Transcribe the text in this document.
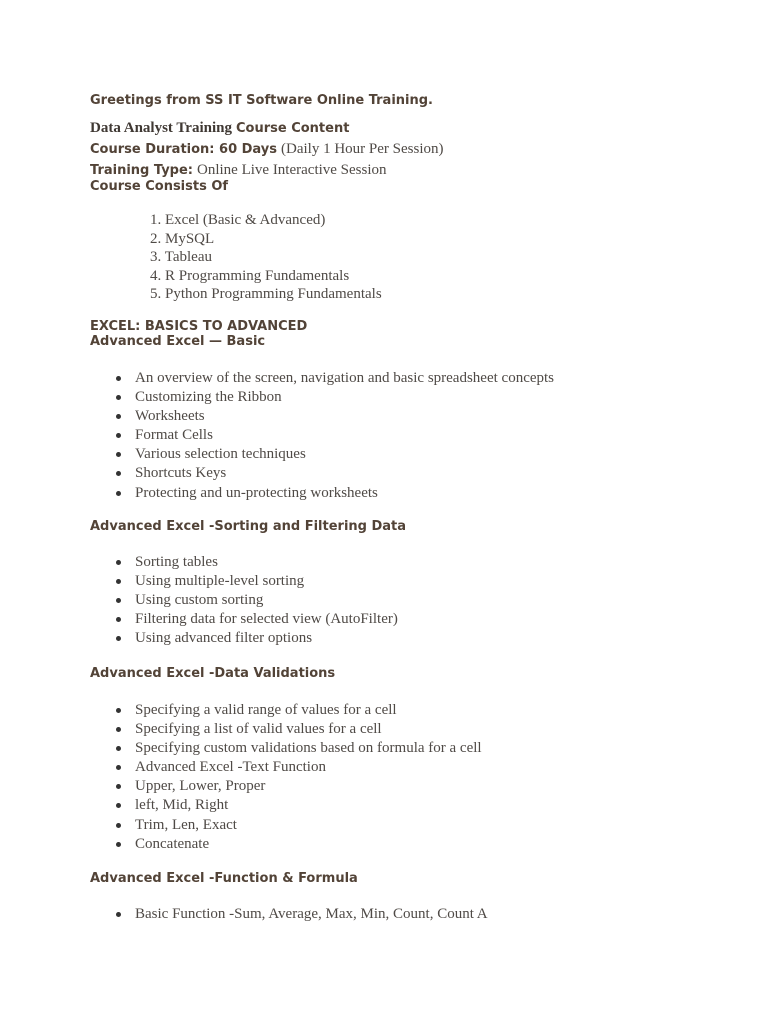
Greetings from SS IT Software Online Training.

Data Analyst Training Course Content

Course Duration: 60 Days (Daily 1 Hour Per Session)

Training Type: Online Live Interactive Session

Course Consists Of

1. Excel (Basic & Advanced)
2. MySQL
3. Tableau
4. R Programming Fundamentals
5. Python Programming Fundamentals

EXCEL: BASICS TO ADVANCED

Advanced Excel — Basic

An overview of the screen, navigation and basic spreadsheet concepts
Customizing the Ribbon
Worksheets
Format Cells
Various selection techniques
Shortcuts Keys
Protecting and un-protecting worksheets

Advanced Excel -Sorting and Filtering Data

Sorting tables
Using multiple-level sorting
Using custom sorting
Filtering data for selected view (AutoFilter)
Using advanced filter options

Advanced Excel -Data Validations

Specifying a valid range of values for a cell
Specifying a list of valid values for a cell
Specifying custom validations based on formula for a cell
Advanced Excel -Text Function
Upper, Lower, Proper
left, Mid, Right
Trim, Len, Exact
Concatenate

Advanced Excel -Function & Formula

Basic Function -Sum, Average, Max, Min, Count, Count A
